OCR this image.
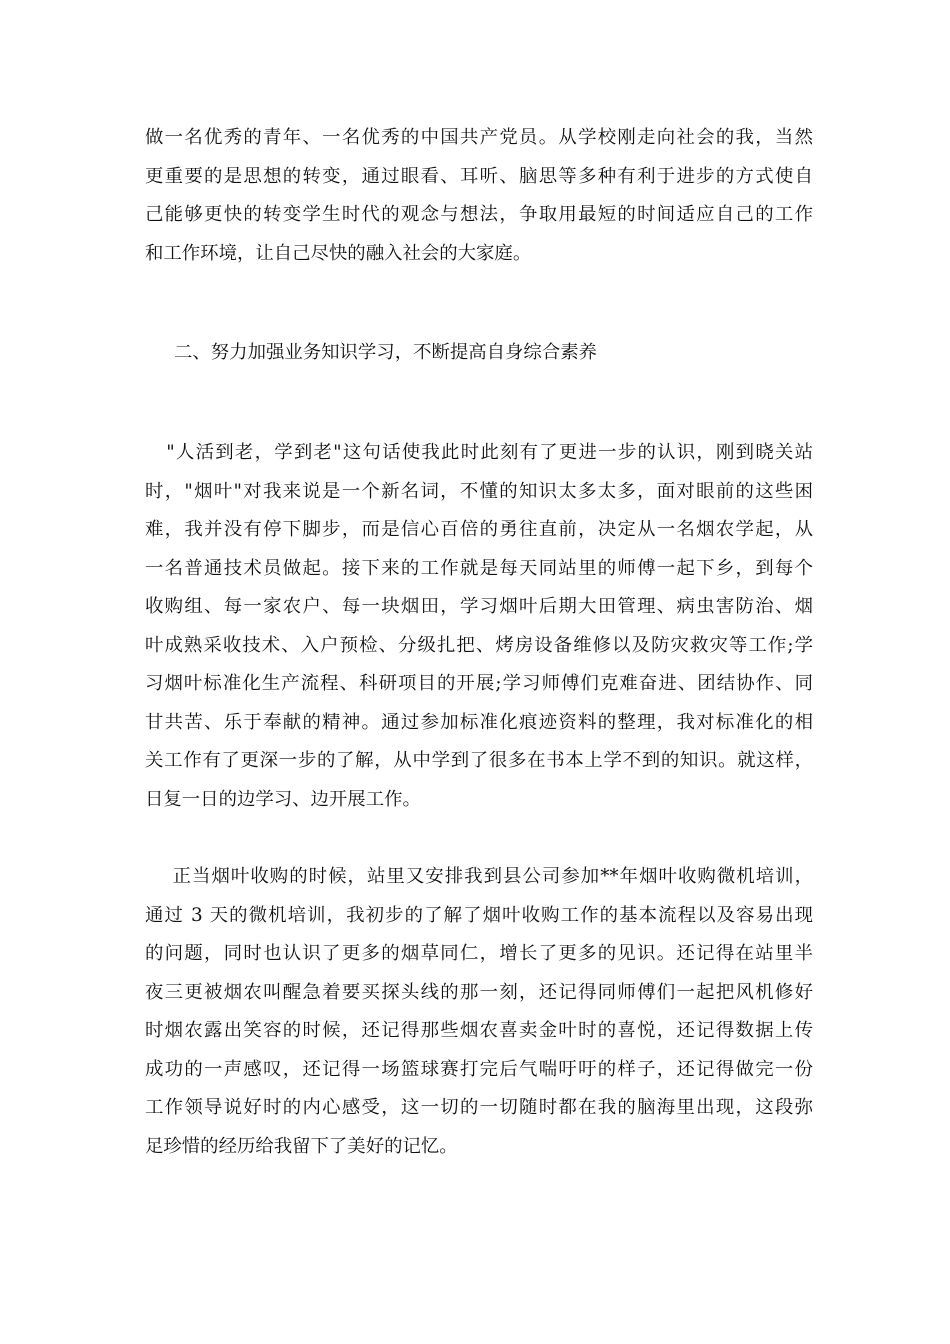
做一名优秀的青年、一名优秀的中国共产党员。从学校刚走向社会的我，当然
更重要的是思想的转变，通过眼看、耳听、脑思等多种有利于进步的方式使自
己能够更快的转变学生时代的观念与想法，争取用最短的时间适应自己的工作
和工作环境，让自己尽快的融入社会的大家庭。
二、努力加强业务知识学习，不断提高自身综合素养
"人活到老，学到老"这句话使我此时此刻有了更进一步的认识，刚到晓关站
时，"烟叶"对我来说是一个新名词，不懂的知识太多太多，面对眼前的这些困
难，我并没有停下脚步，而是信心百倍的勇往直前，决定从一名烟农学起，从
一名普通技术员做起。接下来的工作就是每天同站里的师傅一起下乡，到每个
收购组、每一家农户、每一块烟田，学习烟叶后期大田管理、病虫害防治、烟
叶成熟采收技术、入户预检、分级扎把、烤房设备维修以及防灾救灾等工作;学
习烟叶标准化生产流程、科研项目的开展;学习师傅们克难奋进、团结协作、同
甘共苦、乐于奉献的精神。通过参加标准化痕迹资料的整理，我对标准化的相
关工作有了更深一步的了解，从中学到了很多在书本上学不到的知识。就这样，
日复一日的边学习、边开展工作。
正当烟叶收购的时候，站里又安排我到县公司参加**年烟叶收购微机培训，
通过 3 天的微机培训，我初步的了解了烟叶收购工作的基本流程以及容易出现
的问题，同时也认识了更多的烟草同仁，增长了更多的见识。还记得在站里半
夜三更被烟农叫醒急着要买探头线的那一刻，还记得同师傅们一起把风机修好
时烟农露出笑容的时候，还记得那些烟农喜卖金叶时的喜悦，还记得数据上传
成功的一声感叹，还记得一场篮球赛打完后气喘吁吁的样子，还记得做完一份
工作领导说好时的内心感受，这一切的一切随时都在我的脑海里出现，这段弥
足珍惜的经历给我留下了美好的记忆。
